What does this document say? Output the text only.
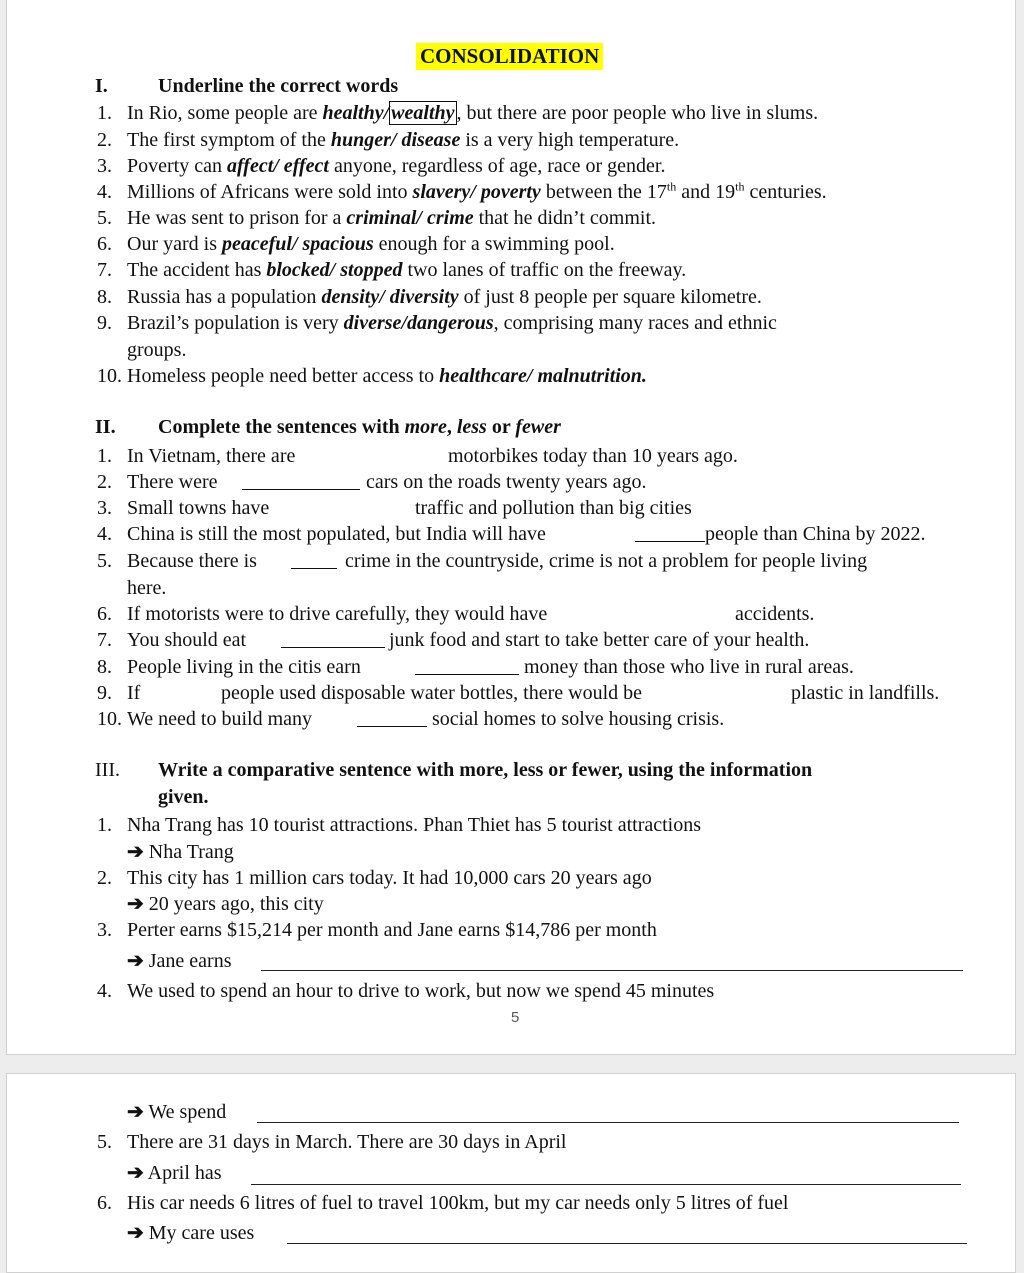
CONSOLIDATION
I.	Underline the correct words
1. In Rio, some people are healthy/ wealthy , but there are poor people who live in slums.
2. The first symptom of the hunger/ disease is a very high temperature.
3. Poverty can affect/ effect anyone, regardless of age, race or gender.
4. Millions of Africans were sold into slavery/ poverty between the 17th and 19th centuries.
5. He was sent to prison for a criminal/ crime that he didn’t commit.
6. Our yard is peaceful/ spacious enough for a swimming pool.
7. The accident has blocked/ stopped two lanes of traffic on the freeway.
8. Russia has a population density/ diversity of just 8 people per square kilometre.
9. Brazil’s population is very diverse/dangerous, comprising many races and ethnic
groups.
10. Homeless people need better access to healthcare/ malnutrition.
II. Complete the sentences with more, less or fewer
1. In Vietnam, there are	motorbikes today than 10 years ago.
2. There were	cars on the roads twenty years ago.
3. Small towns have	traffic and pollution than big cities
4. China is still the most populated, but India will have	people than China by 2022.
5. Because there is	crime in the countryside, crime is not a problem for people living
here.
6. If motorists were to drive carefully, they would have	accidents.
7. You should eat	junk food and start to take better care of your health.
8. People living in the citis earn	money than those who live in rural areas.
9. If	people used disposable water bottles, there would be	plastic in landfills.
10. We need to build many	social homes to solve housing crisis.
III. Write a comparative sentence with more, less or fewer, using the information
given.
1. Nha Trang has 10 tourist attractions. Phan Thiet has 5 tourist attractions
➔ Nha Trang
2. This city has 1 million cars today. It had 10,000 cars 20 years ago
➔ 20 years ago, this city
3. Perter earns $15,214 per month and Jane earns $14,786 per month
➔ Jane earns
4. We used to spend an hour to drive to work, but now we spend 45 minutes
5
➔ We spend
5. There are 31 days in March. There are 30 days in April
➔ April has
6. His car needs 6 litres of fuel to travel 100km, but my car needs only 5 litres of fuel
➔ My care uses
